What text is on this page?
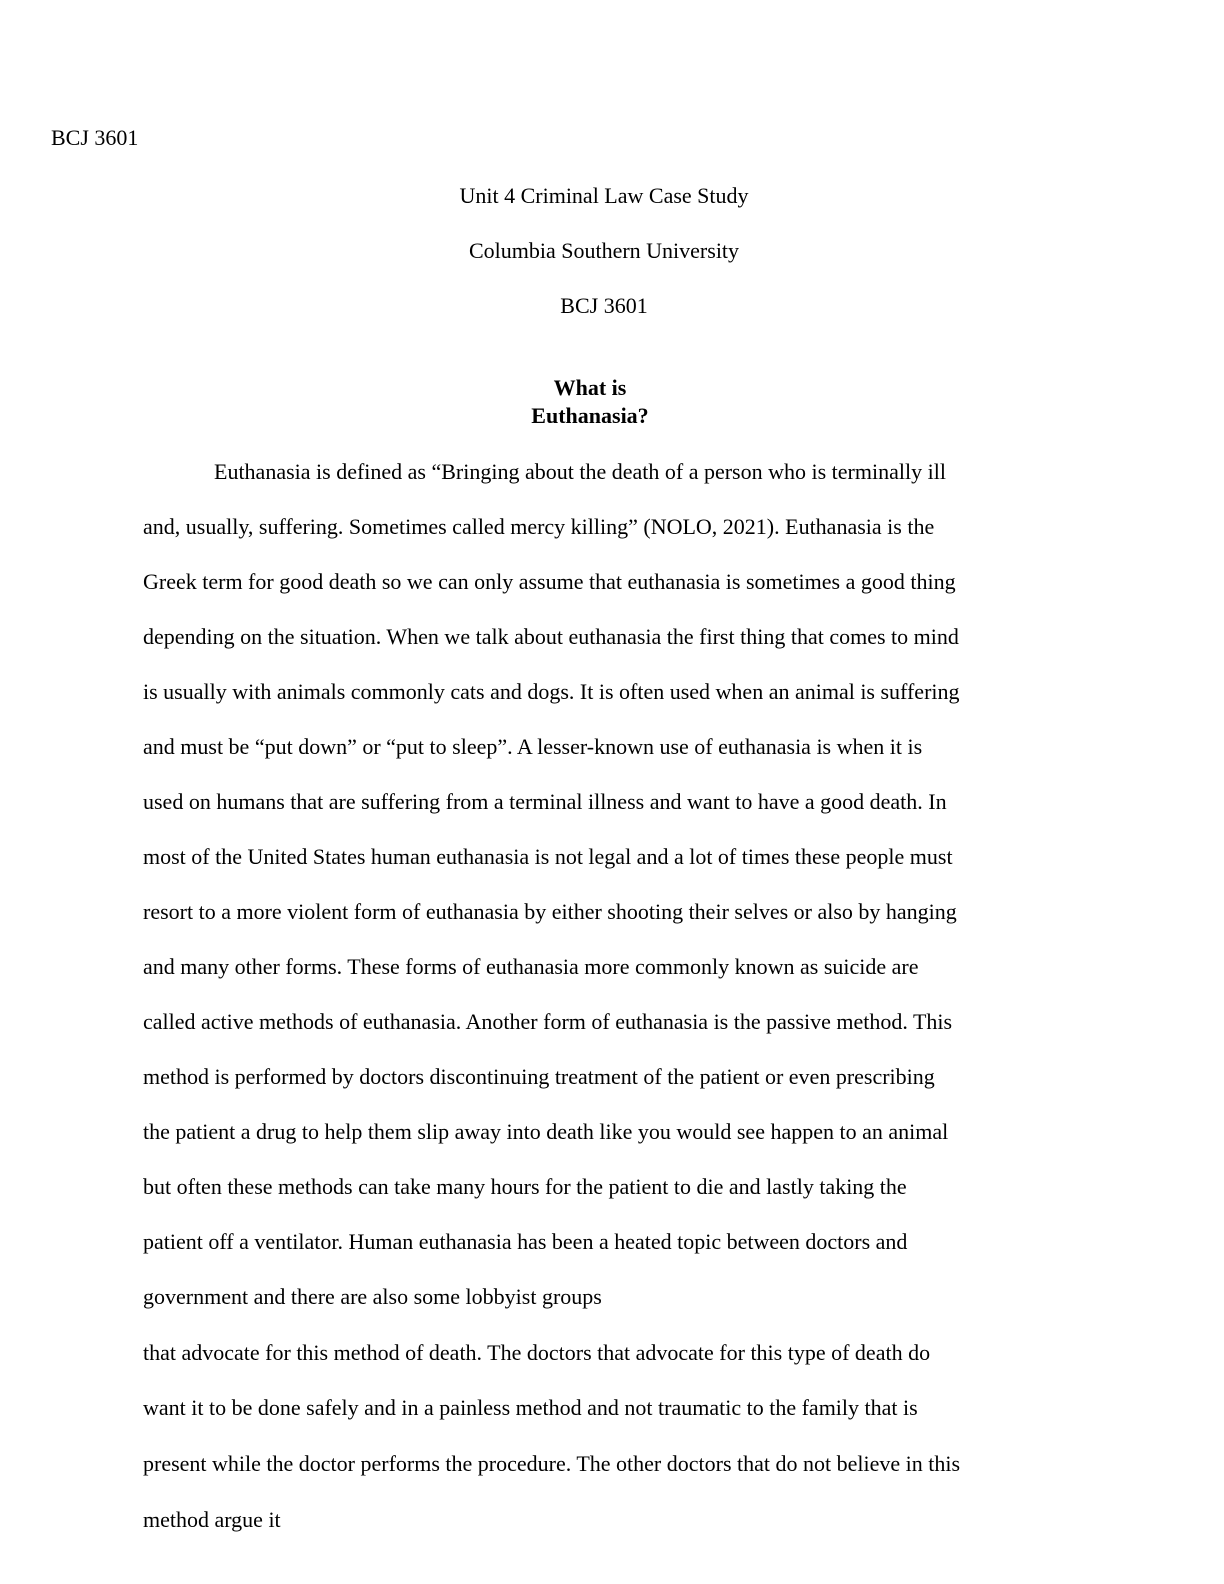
BCJ 3601
Unit 4 Criminal Law Case Study
Columbia Southern University
BCJ 3601
What is
Euthanasia?
Euthanasia is defined as “Bringing about the death of a person who is terminally ill
and, usually, suffering. Sometimes called mercy killing” (NOLO, 2021). Euthanasia is the
Greek term for good death so we can only assume that euthanasia is sometimes a good thing
depending on the situation. When we talk about euthanasia the first thing that comes to mind
is usually with animals commonly cats and dogs. It is often used when an animal is suffering
and must be “put down” or “put to sleep”. A lesser-known use of euthanasia is when it is
used on humans that are suffering from a terminal illness and want to have a good death. In
most of the United States human euthanasia is not legal and a lot of times these people must
resort to a more violent form of euthanasia by either shooting their selves or also by hanging
and many other forms. These forms of euthanasia more commonly known as suicide are
called active methods of euthanasia. Another form of euthanasia is the passive method. This
method is performed by doctors discontinuing treatment of the patient or even prescribing
the patient a drug to help them slip away into death like you would see happen to an animal
but often these methods can take many hours for the patient to die and lastly taking the
patient off a ventilator. Human euthanasia has been a heated topic between doctors and
government and there are also some lobbyist groups
that advocate for this method of death. The doctors that advocate for this type of death do
want it to be done safely and in a painless method and not traumatic to the family that is
present while the doctor performs the procedure. The other doctors that do not believe in this
method argue it
